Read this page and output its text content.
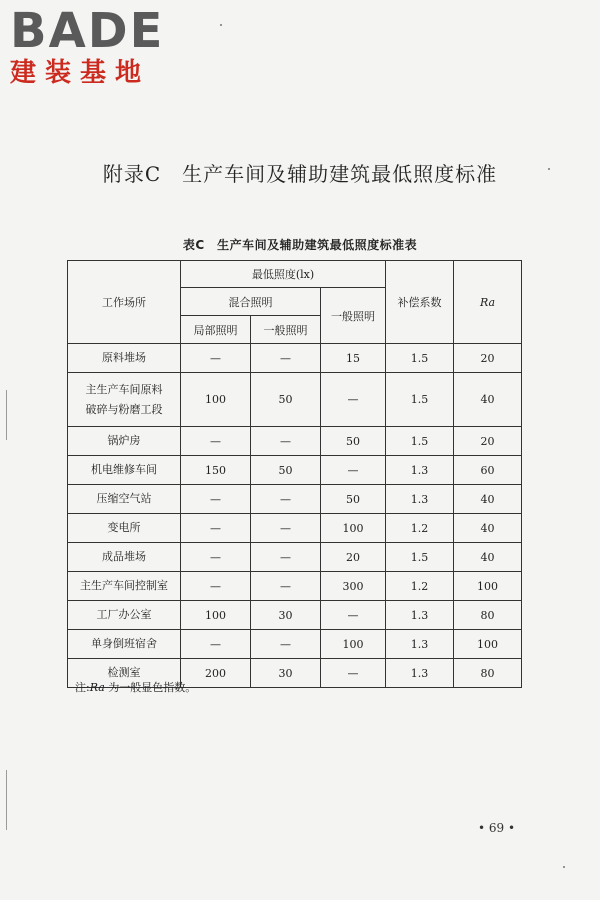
BADE
建装基地
附录C　生产车间及辅助建筑最低照度标准
表C　生产车间及辅助建筑最低照度标准表
工作场所	最低照度(lx)			补偿系数	Ra
	混合照明		一般照明		
	局部照明	一般照明			
原料堆场	—	—	15	1.5	20
主生产车间原料
破碎与粉磨工段	100	50	—	1.5	40
锅炉房	—	—	50	1.5	20
机电维修车间	150	50	—	1.3	60
压缩空气站	—	—	50	1.3	40
变电所	—	—	100	1.2	40
成品堆场	—	—	20	1.5	40
主生产车间控制室	—	—	300	1.2	100
工厂办公室	100	30	—	1.3	80
单身倒班宿舍	—	—	100	1.3	100
检测室	200	30	—	1.3	80
注:Ra 为一般显色指数。
• 69 •
